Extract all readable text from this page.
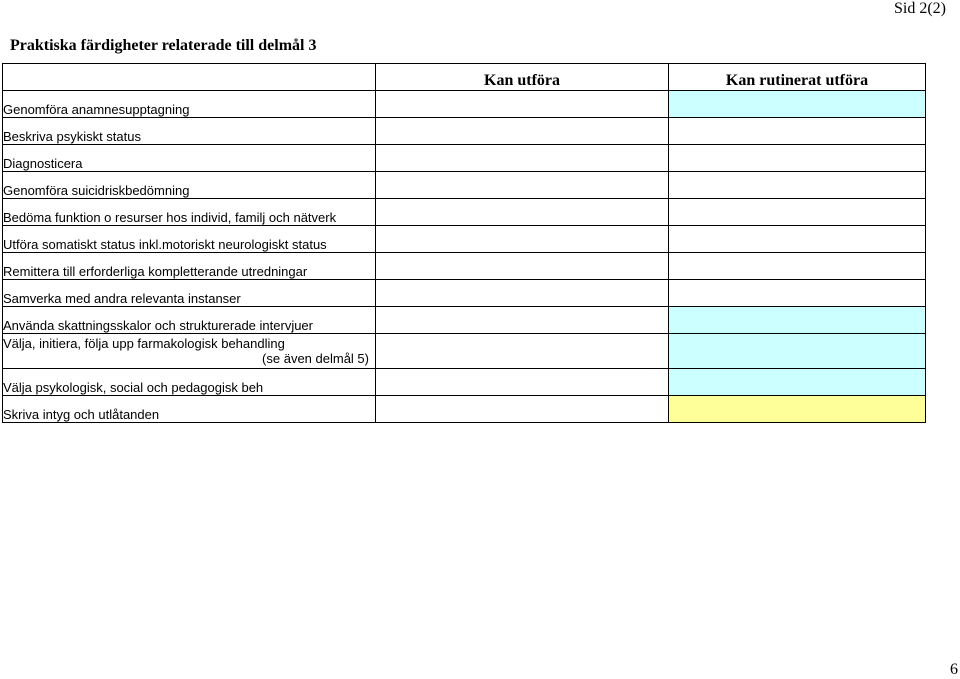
Sid 2(2)
Praktiska färdigheter relaterade till delmål 3
	Kan utföra	Kan rutinerat utföra
Genomföra anamnesupptagning		
Beskriva psykiskt status		
Diagnosticera		
Genomföra suicidriskbedömning		
Bedöma funktion o resurser hos individ, familj och nätverk		
Utföra somatiskt status inkl.motoriskt neurologiskt status		
Remittera till erforderliga kompletterande utredningar		
Samverka med andra relevanta instanser		
Använda skattningsskalor och strukturerade intervjuer		
Välja, initiera, följa upp farmakologisk behandling
(se även delmål 5)		

Välja psykologisk, social och pedagogisk beh		
Skriva intyg och utlåtanden		
6
